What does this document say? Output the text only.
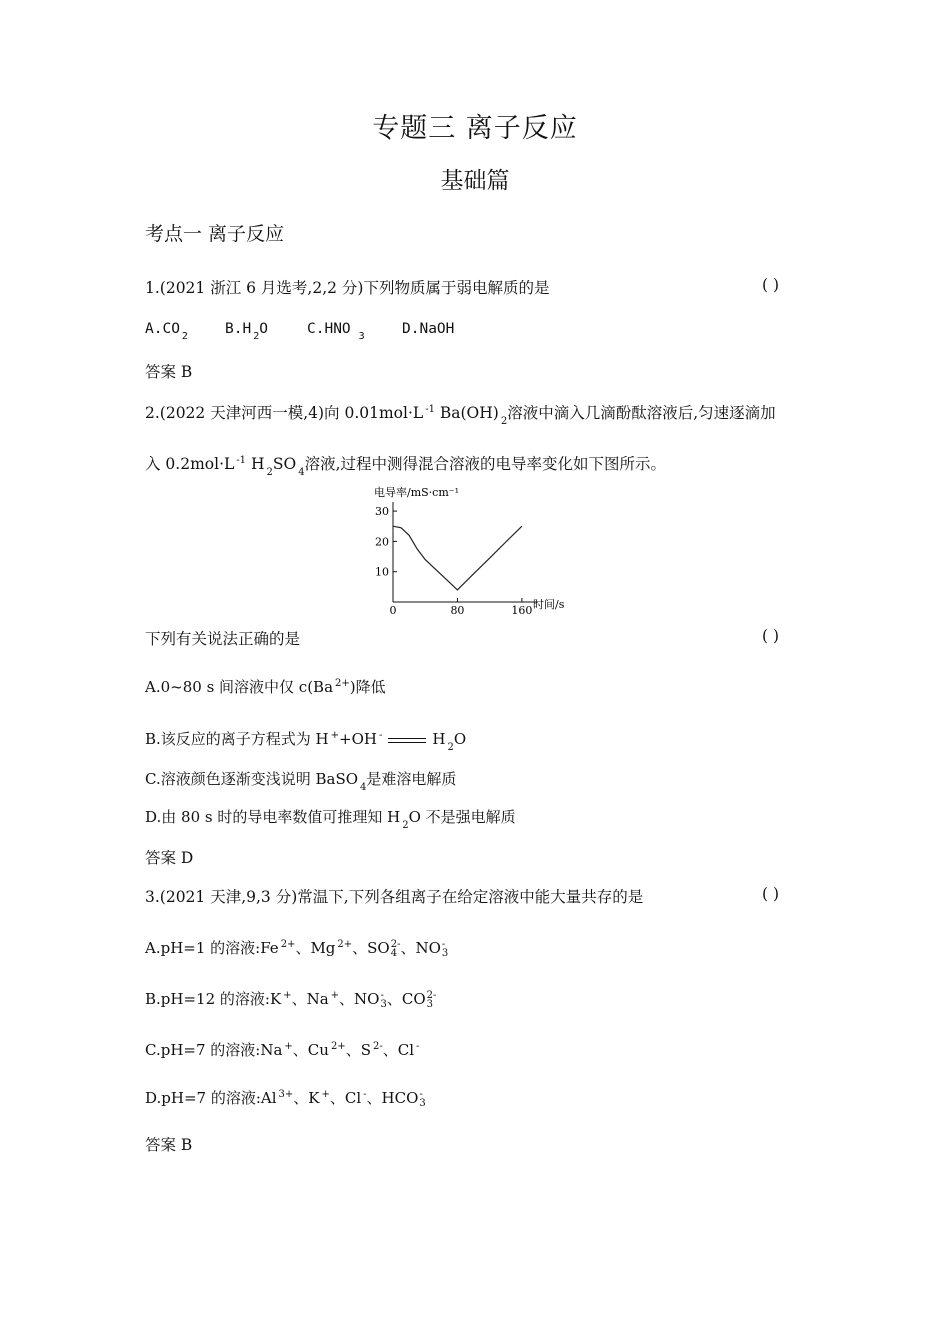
专题三 离子反应
基础篇
考点一 离子反应
1.(2021 浙江 6 月选考,2,2 分)下列物质属于弱电解质的是	( )
A.CO $_2$	B.H $_2$O	C.HNO $_3$	D.NaOH
答案 B
2.(2022 天津河西一模,4)向 0.01mol·L $^{-1}$ Ba(OH) $_2$溶液中滴入几滴酚酞溶液后,匀速逐滴加
入 0.2mol·L $^{-1}$ H $_2$SO $_4$溶液,过程中测得混合溶液的电导率变化如下图所示。
电导率/mS·cm⁻¹
10
20
30
0	80	160 时间/s
下列有关说法正确的是	( )
A.0~80 s 间溶液中仅 c(Ba $^{2+}$)降低
B.该反应的离子方程式为 H ++OH -	H $_2$O
C.溶液颜色逐渐变浅说明 BaSO $_4$是难溶电解质
D.由 80 s 时的导电率数值可推理知 H $_2$O 不是强电解质
答案 D
3.(2021 天津,9,3 分)常温下,下列各组离子在给定溶液中能大量共存的是	( )
A.pH=1 的溶液:Fe $^{2+}$、Mg $^{2+}$、SO 2-
4 、NO -
3
B.pH=12 的溶液:K +、Na +、NO -
3 、CO 2-
3
C.pH=7 的溶液:Na +、Cu $^{2+}$、S $^{2-}$、Cl -
D.pH=7 的溶液:Al $^{3+}$、K +、Cl -、HCO -
3
答案 B
